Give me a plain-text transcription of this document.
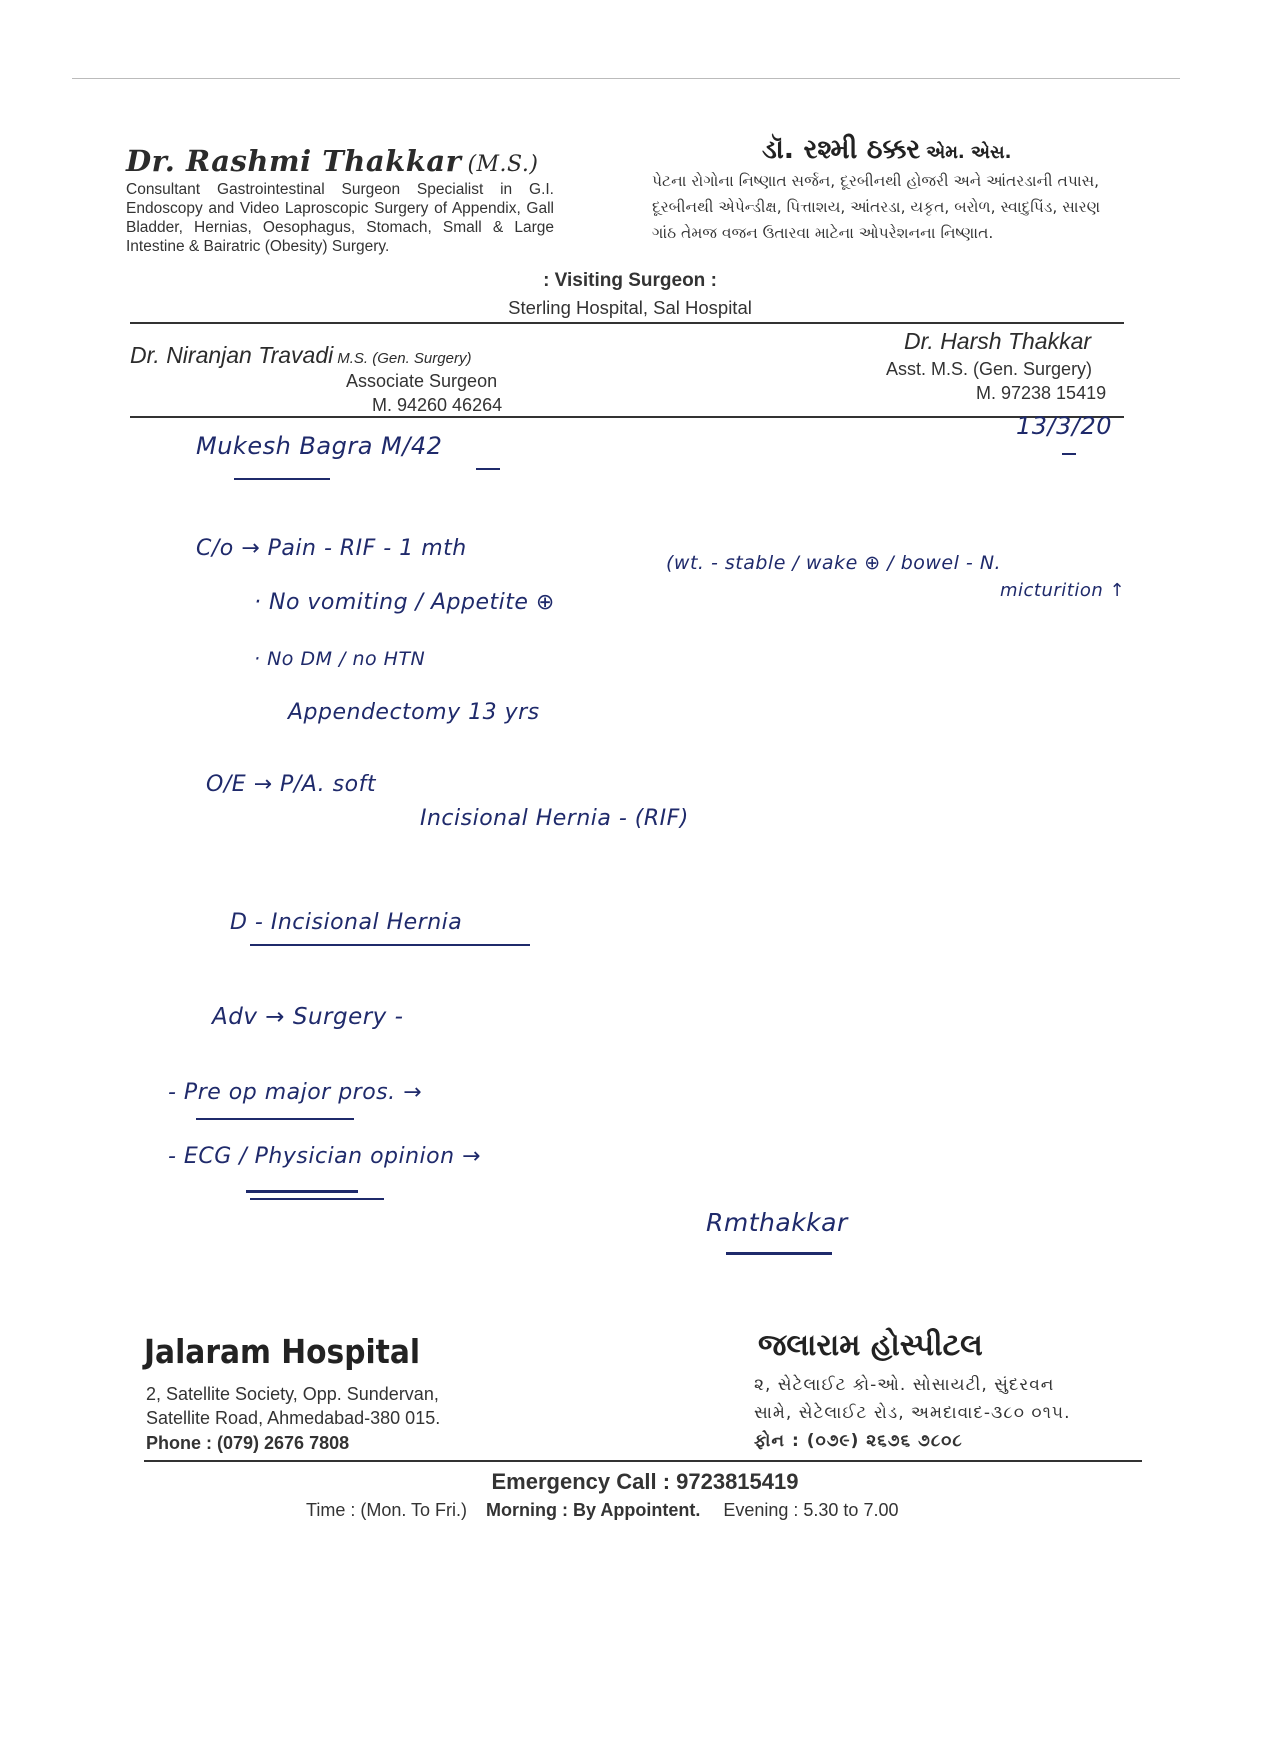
Dr. Rashmi Thakkar (M.S.)
Consultant Gastrointestinal Surgeon Specialist in G.I. Endoscopy and Video Laproscopic Surgery of Appendix, Gall Bladder, Hernias, Oesophagus, Stomach, Small & Large Intestine & Bairatric (Obesity) Surgery.
ડૉ. રશ્મી ઠક્કર એમ. એસ.
પેટના રોગોના નિષ્ણાત સર્જન, દૂરબીનથી હોજરી અને આંતરડાની તપાસ, દૂરબીનથી એપેન્ડીક્ષ, પિત્તાશય, આંતરડા, યકૃત, બરોળ, સ્વાદુપિંડ, સારણ ગાંઠ તેમજ વજન ઉતારવા માટેના ઓપરેશનના નિષ્ણાત.
: Visiting Surgeon :
Sterling Hospital, Sal Hospital
Dr. Niranjan Travadi M.S. (Gen. Surgery)
Associate Surgeon
M. 94260 46264
Dr. Harsh Thakkar
Asst. M.S. (Gen. Surgery)
M. 97238 15419
13/3/20
Mukesh Bagra M/42
C/o → Pain - RIF - 1 mth
(wt. - stable / wake ⊕ / bowel - N.
micturition ↑
· No vomiting / Appetite ⊕
· No DM / no HTN
Appendectomy 13 yrs
O/E → P/A. soft
Incisional Hernia - (RIF)
D - Incisional Hernia
Adv → Surgery -
- Pre op major pros. →
- ECG / Physician opinion →
Rmthakkar
Jalaram Hospital
2, Satellite Society, Opp. Sundervan,
Satellite Road, Ahmedabad-380 015.
Phone : (079) 2676 7808
જલારામ હોસ્પીટલ
૨, સેટેલાઈટ કો-ઓ. સોસાયટી, સુંદરવન
સામે, સેટેલાઈટ રોડ, અમદાવાદ-૩૮૦ ૦૧૫.
ફોન : (૦૭૯) ૨૬૭૬ ૭૮૦૮
Emergency Call : 9723815419
Time : (Mon. To Fri.) Morning : By Appointent. Evening : 5.30 to 7.00
